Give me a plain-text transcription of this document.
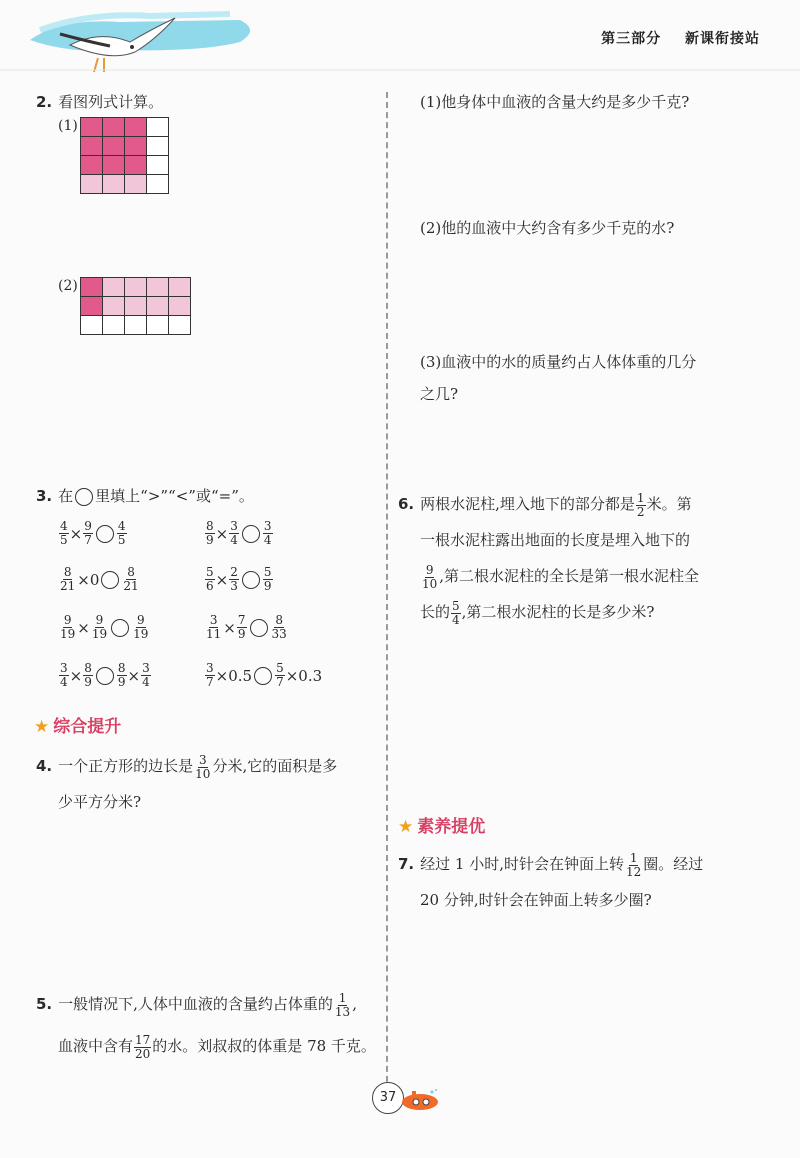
第三部分 新课衔接站
2. 看图列式计算。
(1)

(2)

3. 在 里填上“>”“<”或“=”。
$\frac{4}{5} \times \frac{9}{7} \frac{4}{5}$	$\frac{8}{9} \times \frac{3}{4} \frac{3}{4}$
$\frac{8}{21} \times 0 \frac{8}{21}$	$\frac{5}{6} \times \frac{2}{3} \frac{5}{9}$
$\frac{9}{19} \times \frac{9}{19} \frac{9}{19}$	$\frac{3}{11} \times \frac{7}{9} \frac{8}{33}$
$\frac{3}{4} \times \frac{8}{9} \frac{8}{9} \times \frac{3}{4}$	$\frac{3}{7} \times 0.5 \frac{5}{7} \times 0.3$
★ 综合提升
4. 一个正方形的边长是 $\frac{3}{10}$ 分米,它的面积是多
少平方分米?
5. 一般情况下,人体中血液的含量约占体重的 $\frac{1}{13}$ ,
血液中含有 $\frac{17}{20}$ 的水。刘叔叔的体重是 78 千克。
(1)他身体中血液的含量大约是多少千克?
(2)他的血液中大约含有多少千克的水?
(3)血液中的水的质量约占人体体重的几分
之几?
6. 两根水泥柱,埋入地下的部分都是 $\frac{1}{2}$ 米。第
一根水泥柱露出地面的长度是埋入地下的
$\frac{9}{10}$ ,第二根水泥柱的全长是第一根水泥柱全
长的 $\frac{5}{4}$ ,第二根水泥柱的长是多少米?
★ 素养提优
7. 经过 1 小时,时针会在钟面上转 $\frac{1}{12}$ 圈。经过
20 分钟,时针会在钟面上转多少圈?
37
